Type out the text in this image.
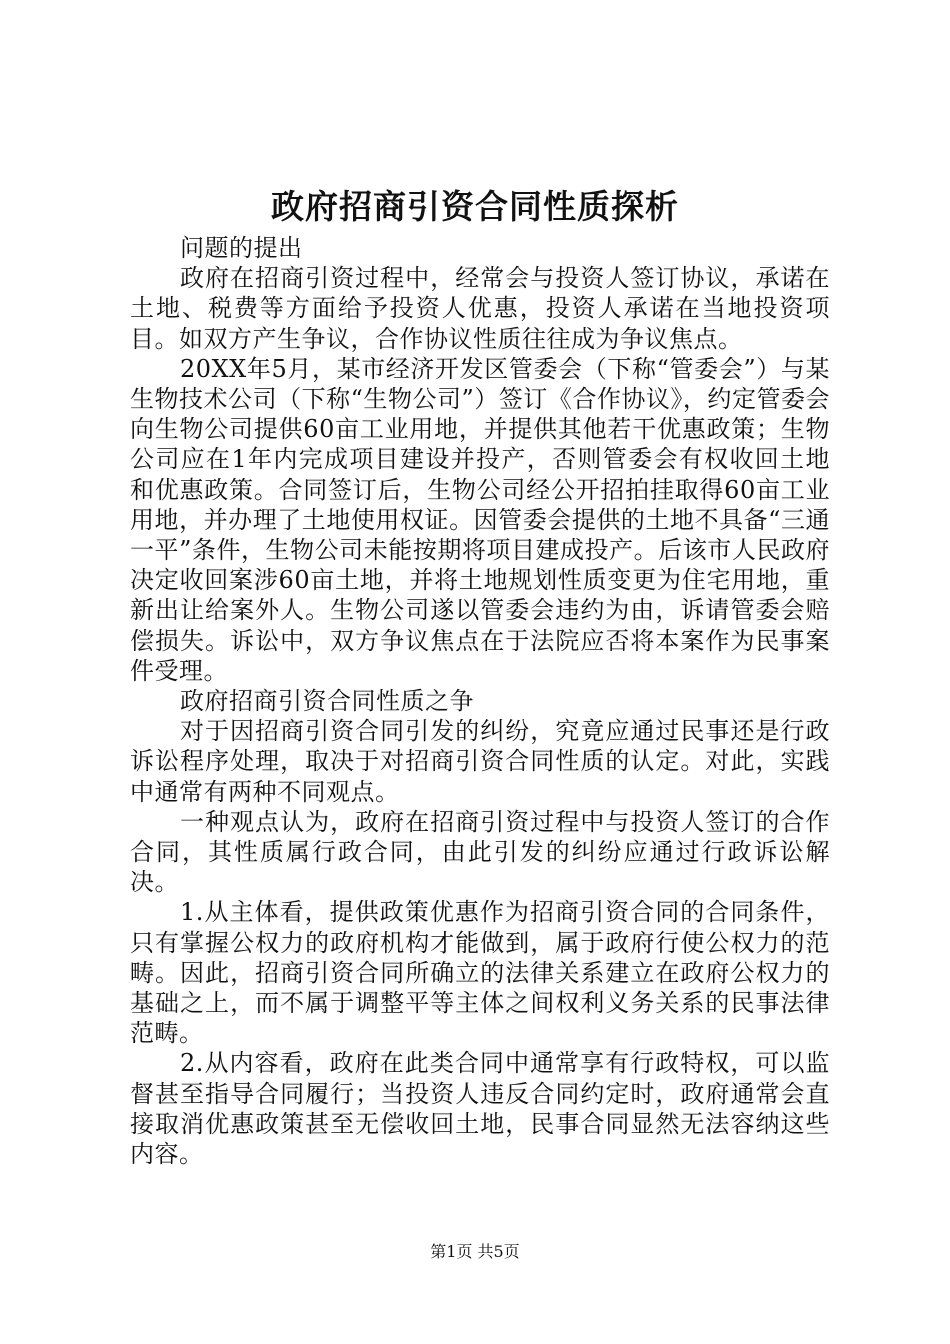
政府招商引资合同性质探析

问题的提出

政府在招商引资过程中，经常会与投资人签订协议，承诺在土地、税费等方面给予投资人优惠，投资人承诺在当地投资项目。如双方产生争议，合作协议性质往往成为争议焦点。

20XX年5月，某市经济开发区管委会（下称“管委会”）与某生物技术公司（下称“生物公司”）签订《合作协议》，约定管委会向生物公司提供60亩工业用地，并提供其他若干优惠政策；生物公司应在1年内完成项目建设并投产，否则管委会有权收回土地和优惠政策。合同签订后，生物公司经公开招拍挂取得60亩工业用地，并办理了土地使用权证。因管委会提供的土地不具备“三通一平”条件，生物公司未能按期将项目建成投产。后该市人民政府决定收回案涉60亩土地，并将土地规划性质变更为住宅用地，重新出让给案外人。生物公司遂以管委会违约为由，诉请管委会赔偿损失。诉讼中，双方争议焦点在于法院应否将本案作为民事案件受理。

政府招商引资合同性质之争

对于因招商引资合同引发的纠纷，究竟应通过民事还是行政诉讼程序处理，取决于对招商引资合同性质的认定。对此，实践中通常有两种不同观点。

一种观点认为，政府在招商引资过程中与投资人签订的合作合同，其性质属行政合同，由此引发的纠纷应通过行政诉讼解决。

1.从主体看，提供政策优惠作为招商引资合同的合同条件，只有掌握公权力的政府机构才能做到，属于政府行使公权力的范畴。因此，招商引资合同所确立的法律关系建立在政府公权力的基础之上，而不属于调整平等主体之间权利义务关系的民事法律范畴。

2.从内容看，政府在此类合同中通常享有行政特权，可以监督甚至指导合同履行；当投资人违反合同约定时，政府通常会直接取消优惠政策甚至无偿收回土地，民事合同显然无法容纳这些内容。

第1页 共5页
